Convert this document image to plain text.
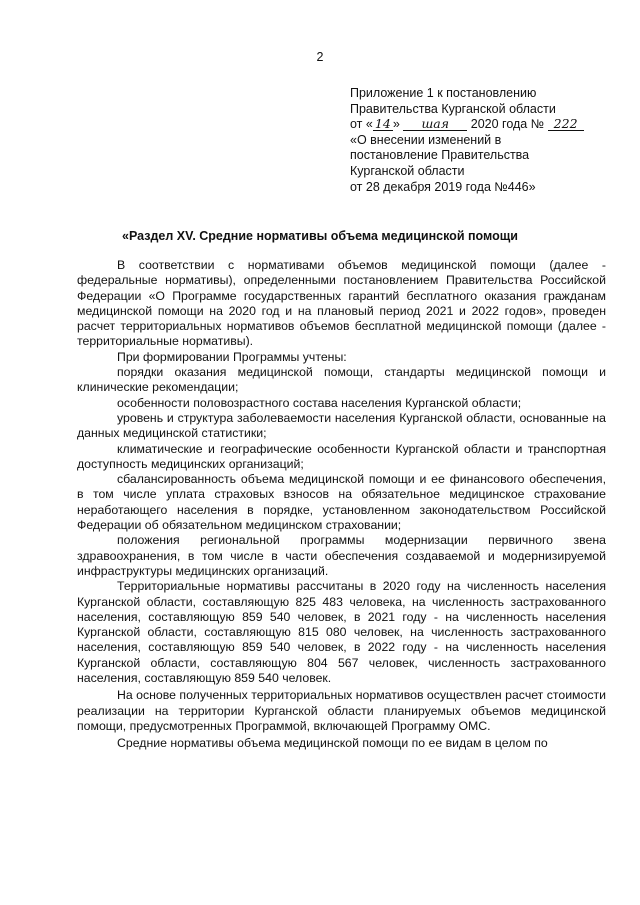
2
Приложение 1 к постановлению
Правительства Курганской области
от « 14 » шая 2020 года № 222
«О внесении изменений в
постановление Правительства
Курганской области
от 28 декабря 2019 года №446»
«Раздел XV. Средние нормативы объема медицинской помощи

В соответствии с нормативами объемов медицинской помощи (далее - федеральные нормативы), определенными постановлением Правительства Российской Федерации «О Программе государственных гарантий бесплатного оказания гражданам медицинской помощи на 2020 год и на плановый период 2021 и 2022 годов», проведен расчет территориальных нормативов объемов бесплатной медицинской помощи (далее - территориальные нормативы).

При формировании Программы учтены:

порядки оказания медицинской помощи, стандарты медицинской помощи и клинические рекомендации;

особенности половозрастного состава населения Курганской области;

уровень и структура заболеваемости населения Курганской области, основанные на данных медицинской статистики;

климатические и географические особенности Курганской области и транспортная доступность медицинских организаций;

сбалансированность объема медицинской помощи и ее финансового обеспечения, в том числе уплата страховых взносов на обязательное медицинское страхование неработающего населения в порядке, установленном законодательством Российской Федерации об обязательном медицинском страховании;

положения региональной программы модернизации первичного звена здравоохранения, в том числе в части обеспечения создаваемой и модернизируемой инфраструктуры медицинских организаций.

Территориальные нормативы рассчитаны в 2020 году на численность населения Курганской области, составляющую 825 483 человека, на численность застрахованного населения, составляющую 859 540 человек, в 2021 году - на численность населения Курганской области, составляющую 815 080 человек, на численность застрахованного населения, составляющую 859 540 человек, в 2022 году - на численность населения Курганской области, составляющую 804 567 человек, численность застрахованного населения, составляющую 859 540 человек.

На основе полученных территориальных нормативов осуществлен расчет стоимости реализации на территории Курганской области планируемых объемов медицинской помощи, предусмотренных Программой, включающей Программу ОМС.

Средние нормативы объема медицинской помощи по ее видам в целом по
